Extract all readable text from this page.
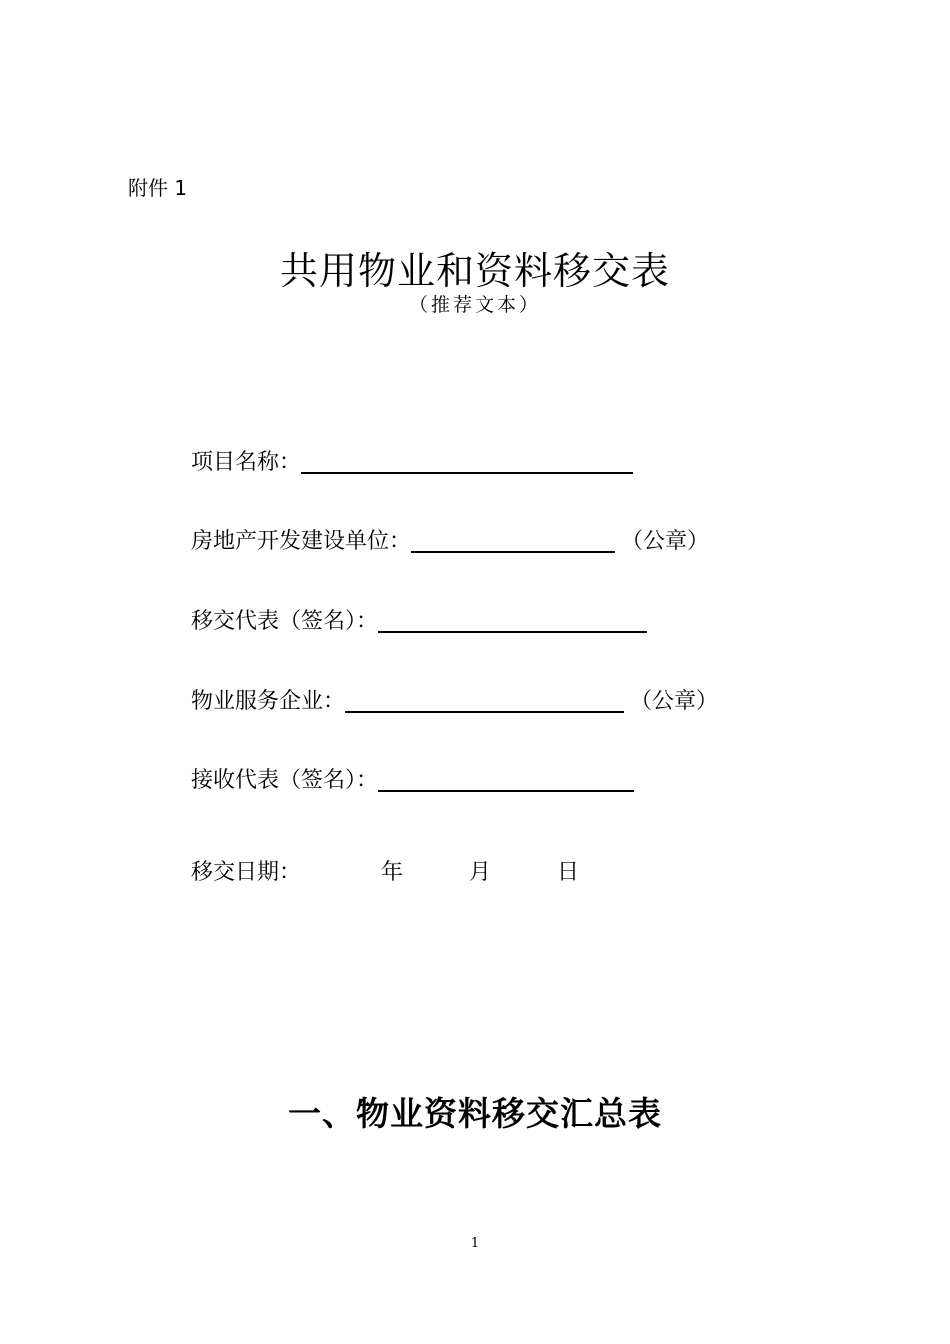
附件 1
共用物业和资料移交表
（推荐文本）
项目名称：
房地产开发建设单位：	（公章）
移交代表（签名）：
物业服务企业：	（公章）
接收代表（签名）：
移交日期：	年	月	日
一、物业资料移交汇总表
1
